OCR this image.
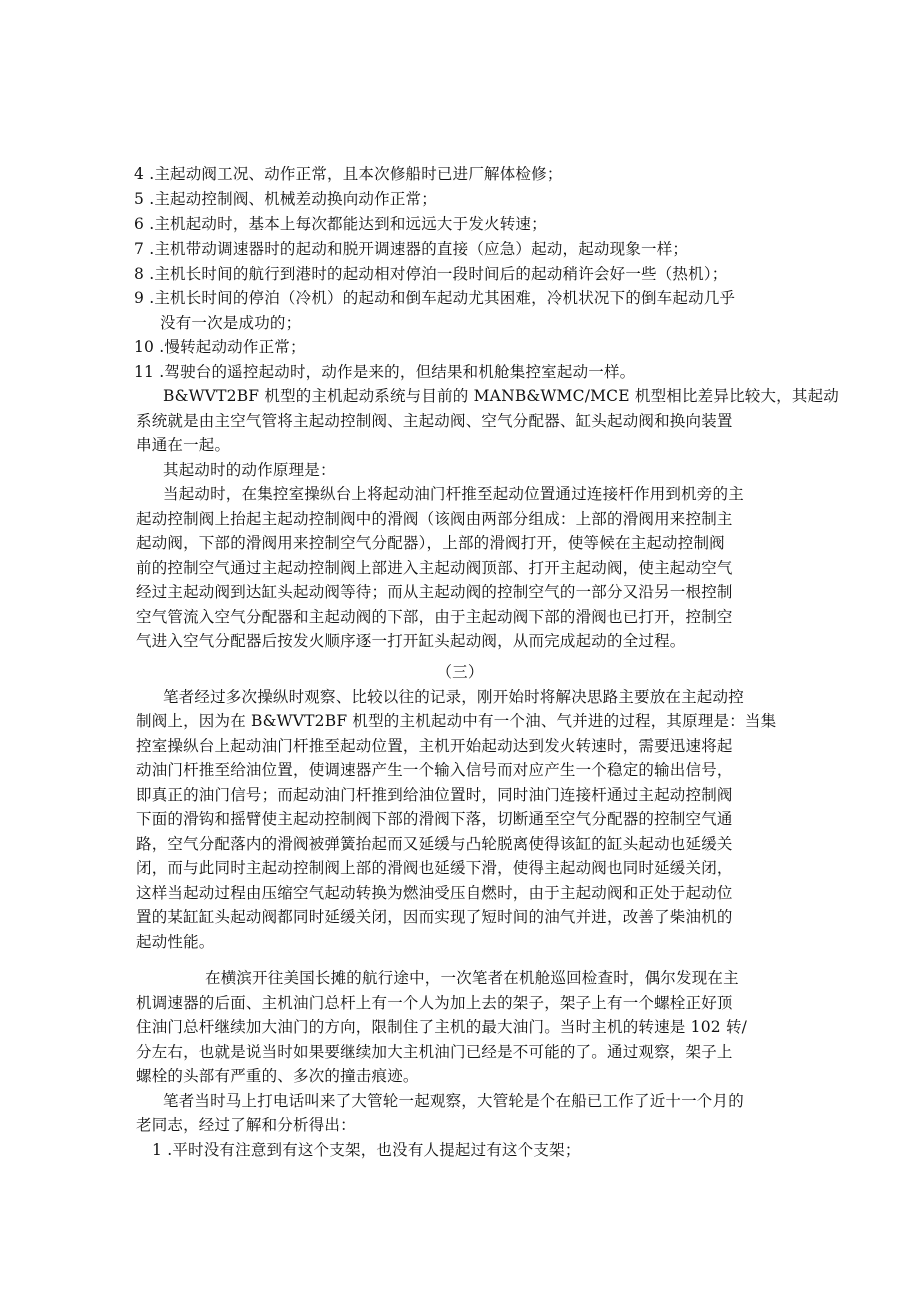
4 .主起动阀工况、动作正常，且本次修船时已进厂解体检修；
5 .主起动控制阀、机械差动换向动作正常；
6 .主机起动时，基本上每次都能达到和远远大于发火转速；
7 .主机带动调速器时的起动和脱开调速器的直接（应急）起动，起动现象一样；
8 .主机长时间的航行到港时的起动相对停泊一段时间后的起动稍许会好一些（热机）；
9 .主机长时间的停泊（冷机）的起动和倒车起动尤其困难，冷机状况下的倒车起动几乎
没有一次是成功的；
10 .慢转起动动作正常；
11 .驾驶台的遥控起动时，动作是来的，但结果和机舱集控室起动一样。
B&WVT2BF 机型的主机起动系统与目前的 MANB&WMC/MCE 机型相比差异比较大，其起动
系统就是由主空气管将主起动控制阀、主起动阀、空气分配器、缸头起动阀和换向装置
串通在一起。
其起动时的动作原理是：
当起动时，在集控室操纵台上将起动油门杆推至起动位置通过连接杆作用到机旁的主
起动控制阀上抬起主起动控制阀中的滑阀（该阀由两部分组成：上部的滑阀用来控制主
起动阀，下部的滑阀用来控制空气分配器），上部的滑阀打开，使等候在主起动控制阀
前的控制空气通过主起动控制阀上部进入主起动阀顶部、打开主起动阀，使主起动空气
经过主起动阀到达缸头起动阀等待；而从主起动阀的控制空气的一部分又沿另一根控制
空气管流入空气分配器和主起动阀的下部，由于主起动阀下部的滑阀也已打开，控制空
气进入空气分配器后按发火顺序逐一打开缸头起动阀，从而完成起动的全过程。
（三）
笔者经过多次操纵时观察、比较以往的记录，刚开始时将解决思路主要放在主起动控
制阀上，因为在 B&WVT2BF 机型的主机起动中有一个油、气并进的过程，其原理是：当集
控室操纵台上起动油门杆推至起动位置，主机开始起动达到发火转速时，需要迅速将起
动油门杆推至给油位置，使调速器产生一个输入信号而对应产生一个稳定的输出信号，
即真正的油门信号；而起动油门杆推到给油位置时，同时油门连接杆通过主起动控制阀
下面的滑钩和摇臂使主起动控制阀下部的滑阀下落，切断通至空气分配器的控制空气通
路，空气分配落内的滑阀被弹簧抬起而又延缓与凸轮脱离使得该缸的缸头起动也延缓关
闭，而与此同时主起动控制阀上部的滑阀也延缓下滑，使得主起动阀也同时延缓关闭，
这样当起动过程由压缩空气起动转换为燃油受压自燃时，由于主起动阀和正处于起动位
置的某缸缸头起动阀都同时延缓关闭，因而实现了短时间的油气并进，改善了柴油机的
起动性能。
在横滨开往美国长摊的航行途中，一次笔者在机舱巡回检查时，偶尔发现在主
机调速器的后面、主机油门总杆上有一个人为加上去的架子，架子上有一个螺栓正好顶
住油门总杆继续加大油门的方向，限制住了主机的最大油门。当时主机的转速是 102 转/
分左右，也就是说当时如果要继续加大主机油门已经是不可能的了。通过观察，架子上
螺栓的头部有严重的、多次的撞击痕迹。
笔者当时马上打电话叫来了大管轮一起观察，大管轮是个在船已工作了近十一个月的
老同志，经过了解和分析得出：
1 .平时没有注意到有这个支架，也没有人提起过有这个支架；
